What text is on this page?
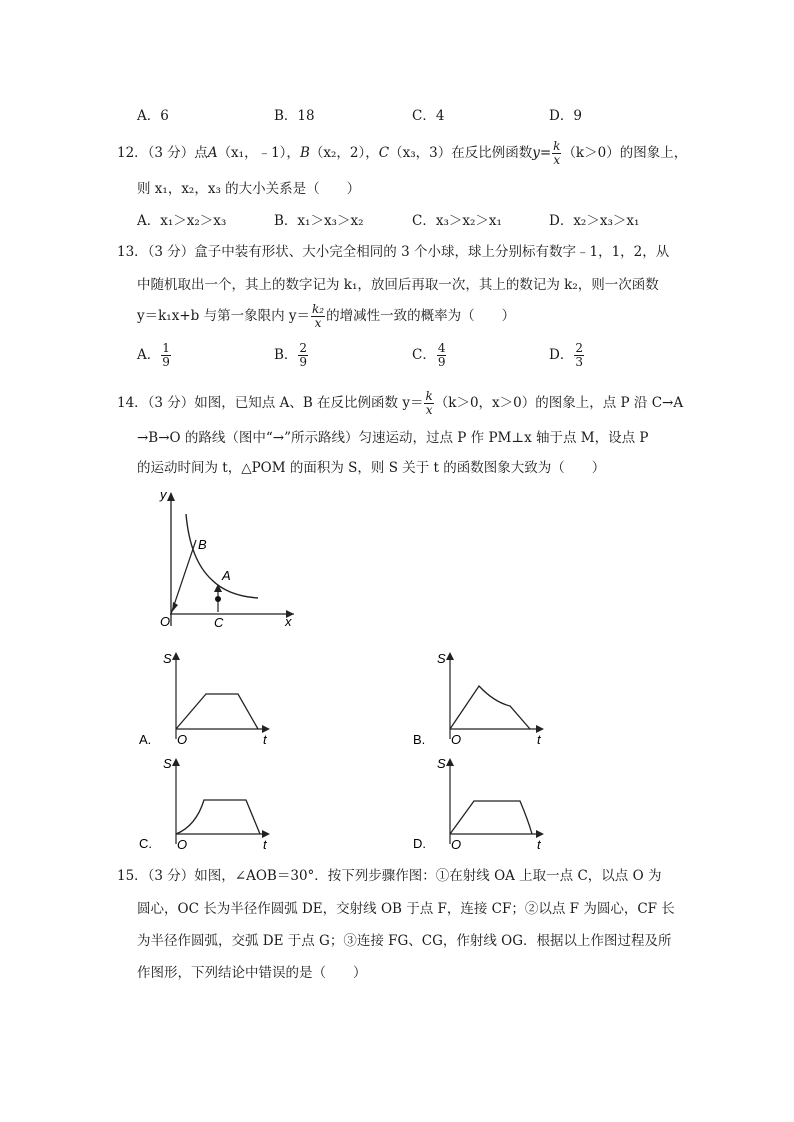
A．6	B．18	C．4	D．9
12．（3 分）点A（x₁，﹣1），B（x₂，2），C（x₃，3）在反比例函数$y= \frac{k}{x} (k>0)$的图象上，
则 x₁，x₂，x₃ 的大小关系是（　　）
A．x₁＞x₂＞x₃	B．x₁＞x₃＞x₂	C．x₃＞x₂＞x₁	D．x₂＞x₃＞x₁
13．（3 分）盒子中装有形状、大小完全相同的 3 个小球，球上分别标有数字﹣1，1，2，从
中随机取出一个，其上的数字记为 k₁，放回后再取一次，其上的数记为 k₂，则一次函数
y＝k₁x+b 与第一象限内 $y= \frac{\text{k₂}}{x}$ 的增减性一致的概率为（　　）
A． $\frac{1}{9}$	B． $\frac{2}{9}$	C． $\frac{4}{9}$	D． $\frac{2}{3}$
14．（3 分）如图，已知点 A、B 在反比例函数 $y= \frac{k}{x} (k>0$，x＞0）的图象上，点 P 沿 C→A
→B→O 的路线（图中“→”所示路线）匀速运动，过点 P 作 PM⊥x 轴于点 M，设点 P
的运动时间为 t，△POM 的面积为 S，则 S 关于 t 的函数图象大致为（　　）
y
B
A
O	C	x
A.
S
O	t	B.
S
O	t
C.
S
O	t	D.
S
O	t
15．（3 分）如图，∠AOB＝30°．按下列步骤作图：①在射线 OA 上取一点 C，以点 O 为
圆心，OC 长为半径作圆弧 DE，交射线 OB 于点 F，连接 CF；②以点 F 为圆心，CF 长
为半径作圆弧，交弧 DE 于点 G；③连接 FG、CG，作射线 OG．根据以上作图过程及所
作图形，下列结论中错误的是（　　）
